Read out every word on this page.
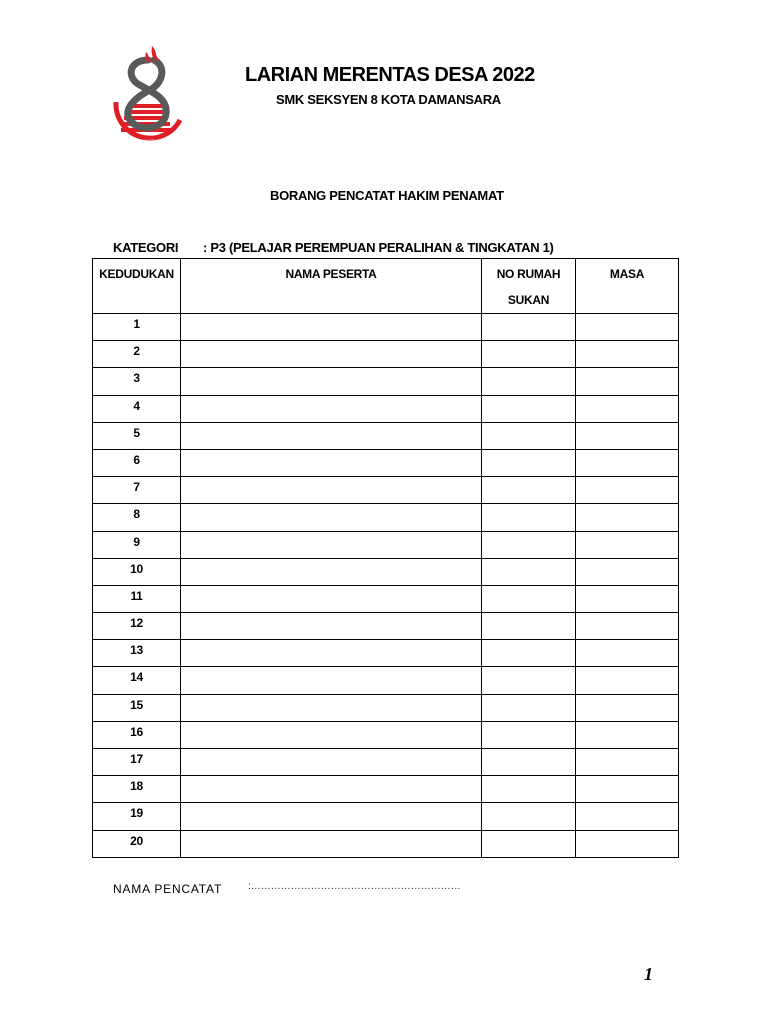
SMK SEKSYEN 8 KOTA DAMANSARA
LARIAN MERENTAS DESA 2022
SMK SEKSYEN 8 KOTA DAMANSARA
BORANG PENCATAT HAKIM PENAMAT
KATEGORI : P3 (PELAJAR PEREMPUAN PERALIHAN & TINGKATAN 1)
KEDUDUKAN	NAMA PESERTA	NO RUMAH
SUKAN	MASA

1			
2			
3			
4			
5			
6			
7			
8			
9			
10			
11			
12			
13			
14			
15			
16			
17			
18			
19			
20			
NAMA PENCATAT	:………………………………………………………
1
